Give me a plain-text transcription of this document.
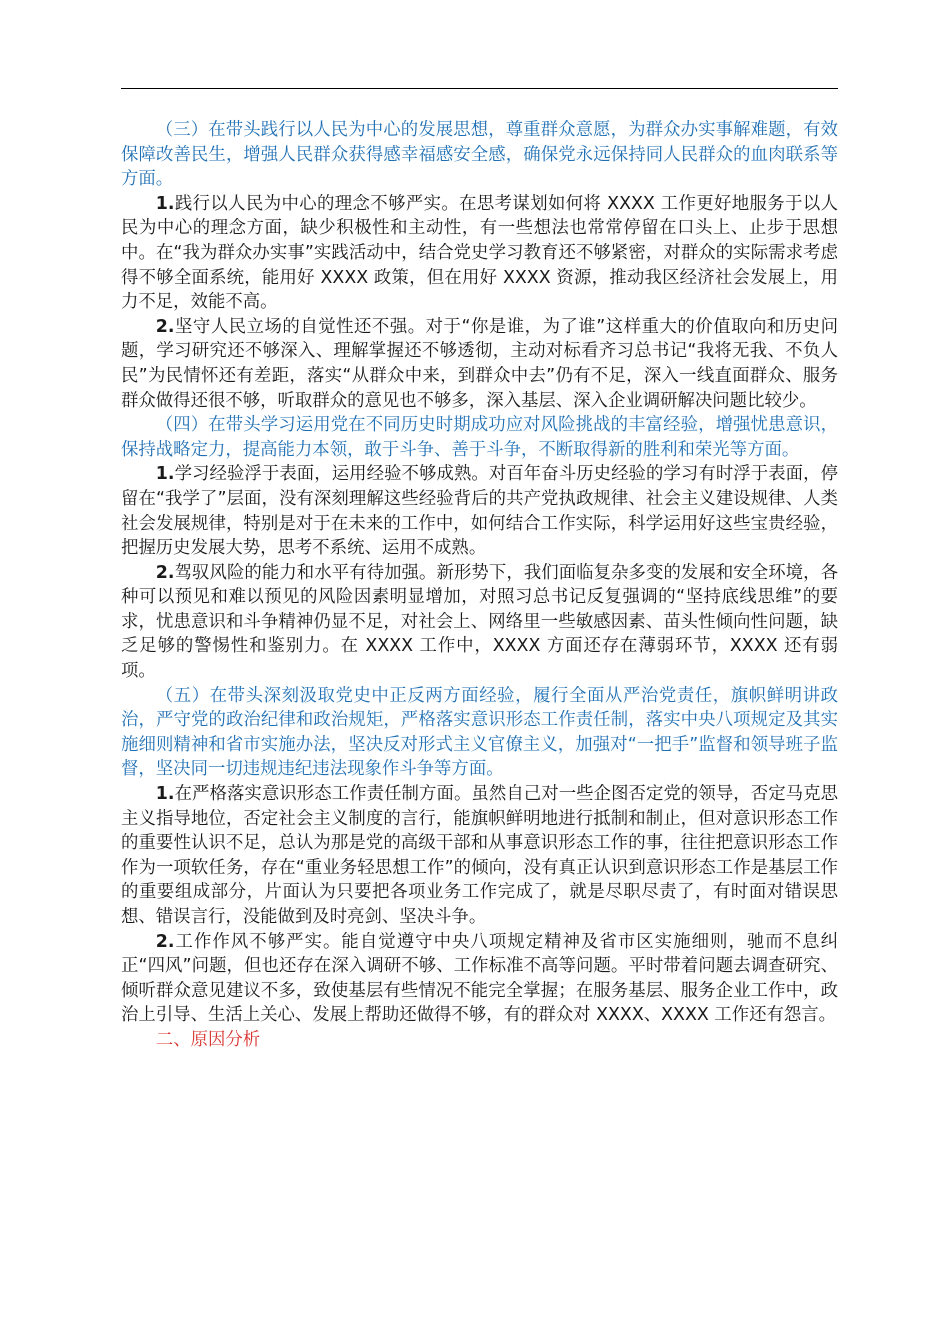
（三）在带头践行以人民为中心的发展思想，尊重群众意愿，为群众办实事解难题，有效保障改善民生，增强人民群众获得感幸福感安全感，确保党永远保持同人民群众的血肉联系等方面。

1.践行以人民为中心的理念不够严实。在思考谋划如何将 XXXX 工作更好地服务于以人民为中心的理念方面，缺少积极性和主动性，有一些想法也常常停留在口头上、止步于思想中。在“我为群众办实事”实践活动中，结合党史学习教育还不够紧密，对群众的实际需求考虑得不够全面系统，能用好 XXXX 政策，但在用好 XXXX 资源，推动我区经济社会发展上，用力不足，效能不高。

2.坚守人民立场的自觉性还不强。对于“你是谁，为了谁”这样重大的价值取向和历史问题，学习研究还不够深入、理解掌握还不够透彻，主动对标看齐习总书记“我将无我、不负人民”为民情怀还有差距，落实“从群众中来，到群众中去”仍有不足，深入一线直面群众、服务群众做得还很不够，听取群众的意见也不够多，深入基层、深入企业调研解决问题比较少。

（四）在带头学习运用党在不同历史时期成功应对风险挑战的丰富经验，增强忧患意识，保持战略定力，提高能力本领，敢于斗争、善于斗争，不断取得新的胜利和荣光等方面。

1.学习经验浮于表面，运用经验不够成熟。对百年奋斗历史经验的学习有时浮于表面，停留在“我学了”层面，没有深刻理解这些经验背后的共产党执政规律、社会主义建设规律、人类社会发展规律，特别是对于在未来的工作中，如何结合工作实际，科学运用好这些宝贵经验，把握历史发展大势，思考不系统、运用不成熟。

2.驾驭风险的能力和水平有待加强。新形势下，我们面临复杂多变的发展和安全环境，各种可以预见和难以预见的风险因素明显增加，对照习总书记反复强调的“坚持底线思维”的要求，忧患意识和斗争精神仍显不足，对社会上、网络里一些敏感因素、苗头性倾向性问题，缺乏足够的警惕性和鉴别力。在 XXXX 工作中，XXXX 方面还存在薄弱环节，XXXX 还有弱项。

（五）在带头深刻汲取党史中正反两方面经验，履行全面从严治党责任，旗帜鲜明讲政治，严守党的政治纪律和政治规矩，严格落实意识形态工作责任制，落实中央八项规定及其实施细则精神和省市实施办法，坚决反对形式主义官僚主义，加强对“一把手”监督和领导班子监督，坚决同一切违规违纪违法现象作斗争等方面。

1.在严格落实意识形态工作责任制方面。虽然自己对一些企图否定党的领导，否定马克思主义指导地位，否定社会主义制度的言行，能旗帜鲜明地进行抵制和制止，但对意识形态工作的重要性认识不足，总认为那是党的高级干部和从事意识形态工作的事，往往把意识形态工作作为一项软任务，存在“重业务轻思想工作”的倾向，没有真正认识到意识形态工作是基层工作的重要组成部分，片面认为只要把各项业务工作完成了，就是尽职尽责了，有时面对错误思想、错误言行，没能做到及时亮剑、坚决斗争。

2.工作作风不够严实。能自觉遵守中央八项规定精神及省市区实施细则，驰而不息纠正“四风”问题，但也还存在深入调研不够、工作标准不高等问题。平时带着问题去调查研究、倾听群众意见建议不多，致使基层有些情况不能完全掌握；在服务基层、服务企业工作中，政治上引导、生活上关心、发展上帮助还做得不够，有的群众对 XXXX、XXXX 工作还有怨言。

二、原因分析
